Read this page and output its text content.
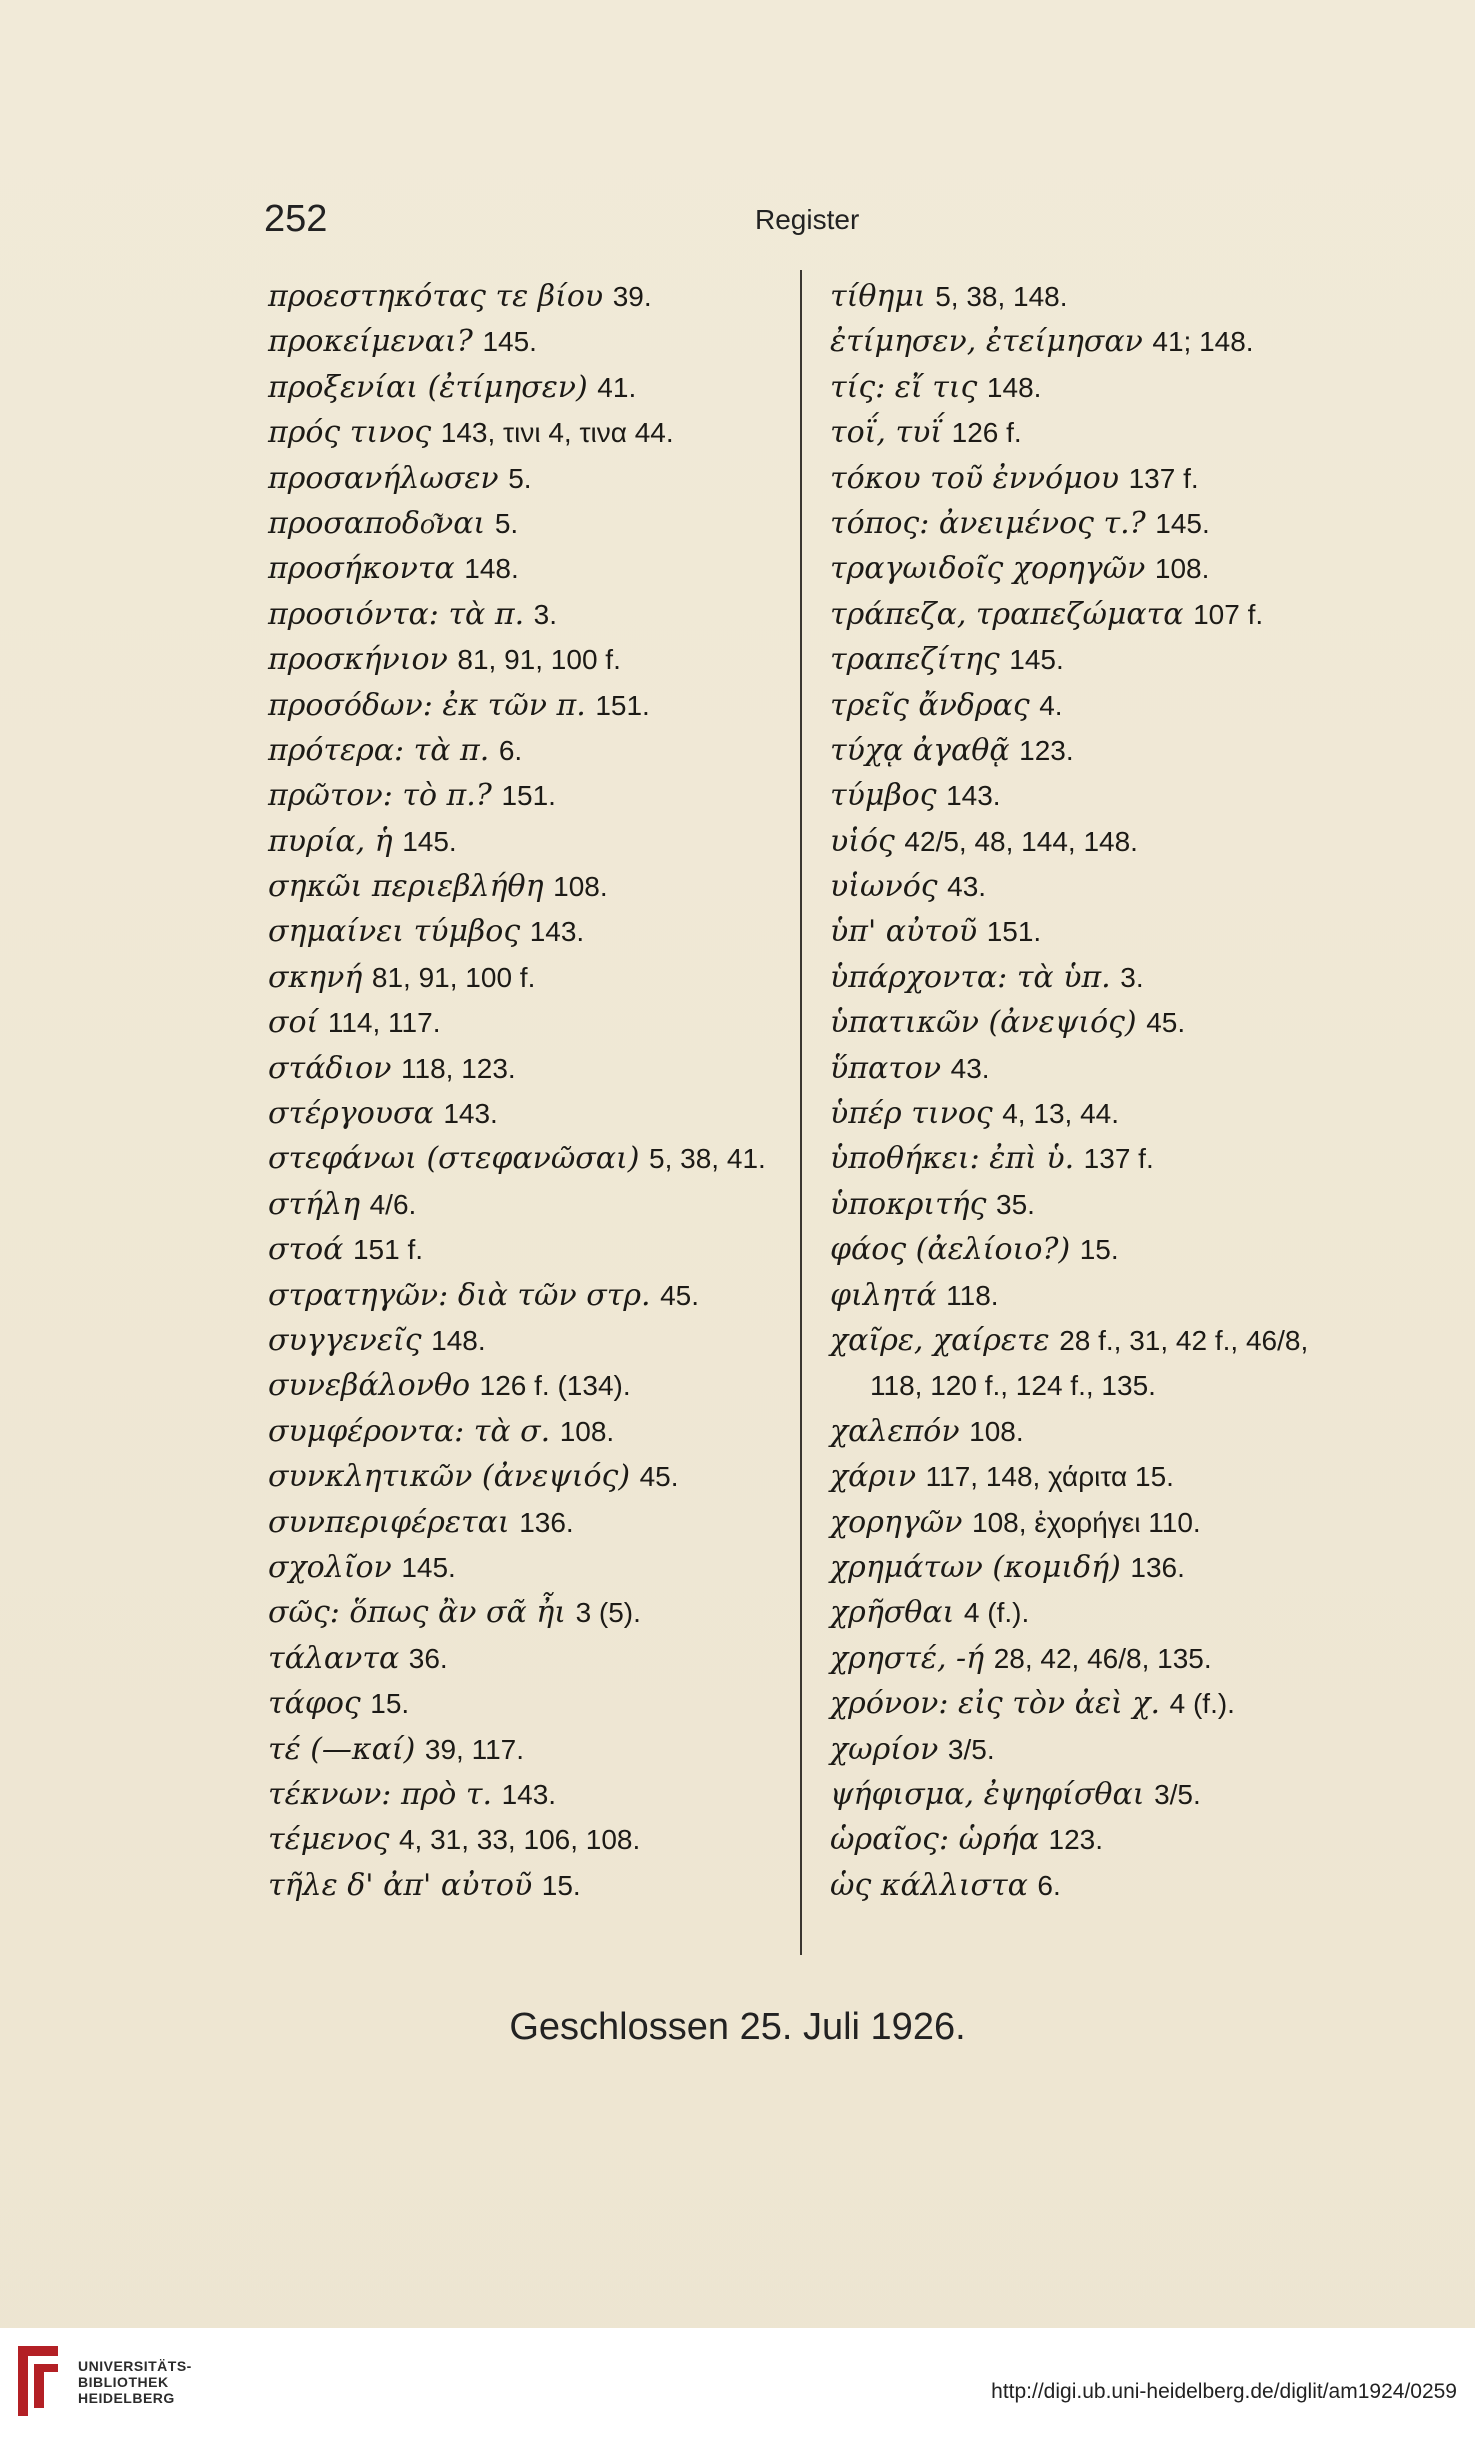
252	Register
προεστηκότας τε βίου 39.
προκείμεναι? 145.
προξενίαι (ἐτίμησεν) 41.
πρός τινος 143, τινι 4, τινα 44.
προσανήλωσεν 5.
προσαποδο͂ναι 5.
προσήκοντα 148.
προσιόντα: τὰ π. 3.
προσκήνιον 81, 91, 100 f.
προσόδων: ἐκ τῶν π. 151.
πρότερα: τὰ π. 6.
πρῶτον: τὸ π.? 151.
πυρία, ἡ 145.
σηκῶι περιεβλήθη 108.
σημαίνει τύμβος 143.
σκηνή 81, 91, 100 f.
σοί 114, 117.
στάδιον 118, 123.
στέργουσα 143.
στεφάνωι (στεφανῶσαι) 5, 38, 41.
στήλη 4/6.
στοά 151 f.
στρατηγῶν: διὰ τῶν στρ. 45.
συγγενεῖς 148.
συνεβάλονθο 126 f. (134).
συμφέροντα: τὰ σ. 108.
συνκλητικῶν (ἀνεψιός) 45.
συνπεριφέρεται 136.
σχολῖον 145.
σῶς: ὅπως ἂν σᾶ ἦι 3 (5).
τάλαντα 36.
τάφος 15.
τέ (—καί) 39, 117.
τέκνων: πρὸ τ. 143.
τέμενος 4, 31, 33, 106, 108.
τῆλε δ' ἀπ' αὐτοῦ 15.
τίθημι 5, 38, 148.
ἐτίμησεν, ἐτείμησαν 41; 148.
τίς: εἴ τις 148.
τοΐ, τυΐ 126 f.
τόκου τοῦ ἐννόμου 137 f.
τόπος: ἀνειμένος τ.? 145.
τραγωιδοῖς χορηγῶν 108.
τράπεζα, τραπεζώματα 107 f.
τραπεζίτης 145.
τρεῖς ἄνδρας 4.
τύχᾳ ἀγαθᾷ 123.
τύμβος 143.
υἱός 42/5, 48, 144, 148.
υἱωνός 43.
ὑπ' αὐτοῦ 151.
ὑπάρχοντα: τὰ ὑπ. 3.
ὑπατικῶν (ἀνεψιός) 45.
ὕπατον 43.
ὑπέρ τινος 4, 13, 44.
ὑποθήκει: ἐπὶ ὑ. 137 f.
ὑποκριτής 35.
φάος (ἀελίοιο?) 15.
φιλητά 118.
χαῖρε, χαίρετε 28 f., 31, 42 f., 46/8,
118, 120 f., 124 f., 135.
χαλεπόν 108.
χάριν 117, 148, χάριτα 15.
χορηγῶν 108, ἐχορήγει 110.
χρημάτων (κομιδή) 136.
χρῆσθαι 4 (f.).
χρηστέ, -ή 28, 42, 46/8, 135.
χρόνον: εἰς τὸν ἀεὶ χ. 4 (f.).
χωρίον 3/5.
ψήφισμα, ἐψηφίσθαι 3/5.
ὡραῖος: ὡρήα 123.
ὡς κάλλιστα 6.
Geschlossen 25. Juli 1926.
UNIVERSITÄTS-
BIBLIOTHEK
HEIDELBERG	http://digi.ub.uni-heidelberg.de/diglit/am1924/0259
